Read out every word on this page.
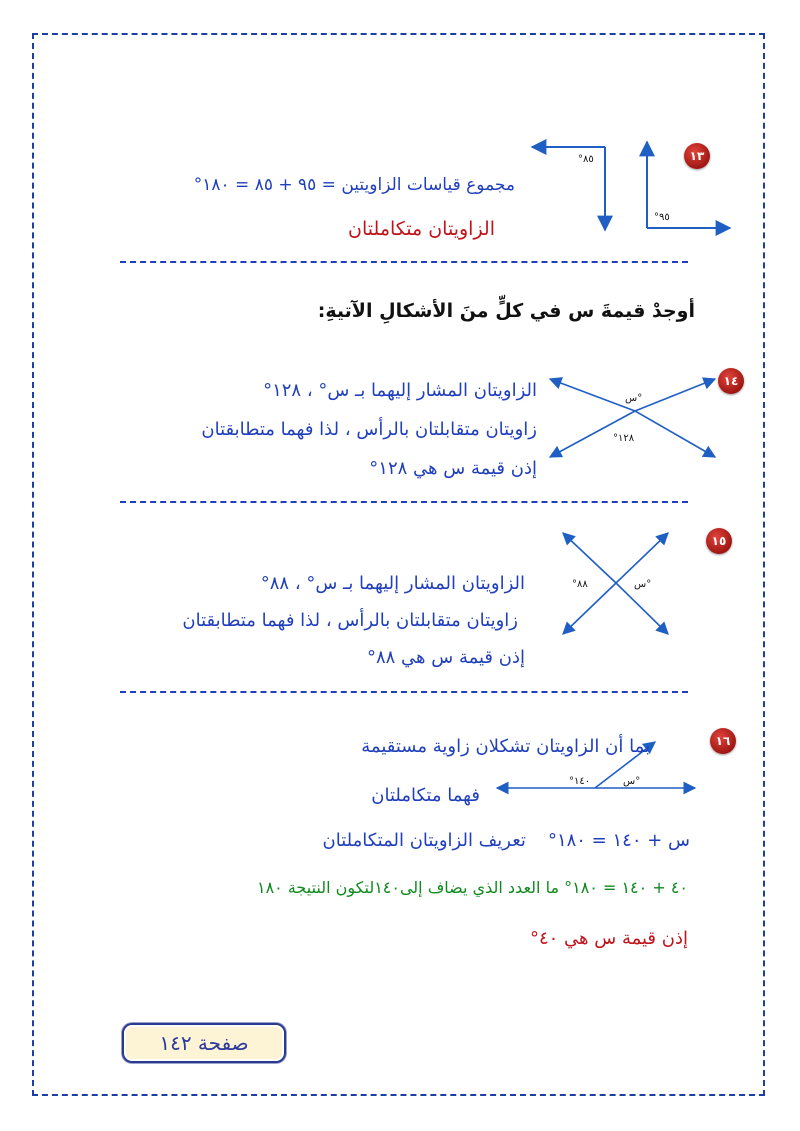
١٣
°٨٥
°٩٥
مجموع قياسات الزاويتين = ٩٥ + ٨٥ = ١٨٠°
الزاويتان متكاملتان
أوجدْ قيمةَ س في كلٍّ منَ الأشكالِ الآتيةِ:
١٤
س°
°١٢٨
الزاويتان المشار إليهما بـ س° ، ١٢٨°
زاويتان متقابلتان بالرأس ، لذا فهما متطابقتان
إذن قيمة س هي ١٢٨°
١٥
س°
°٨٨
الزاويتان المشار إليهما بـ س° ، ٨٨°
زاويتان متقابلتان بالرأس ، لذا فهما متطابقتان
إذن قيمة س هي ٨٨°
١٦
س°
°١٤٠
بما أن الزاويتان تشكلان زاوية مستقيمة
فهما متكاملتان
س + ١٤٠ = ١٨٠°تعريف الزاويتان المتكاملتان
٤٠ + ١٤٠ = ١٨٠° ما العدد الذي يضاف إلى١٤٠لتكون النتيجة ١٨٠
إذن قيمة س هي ٤٠°
صفحة ١٤٢
